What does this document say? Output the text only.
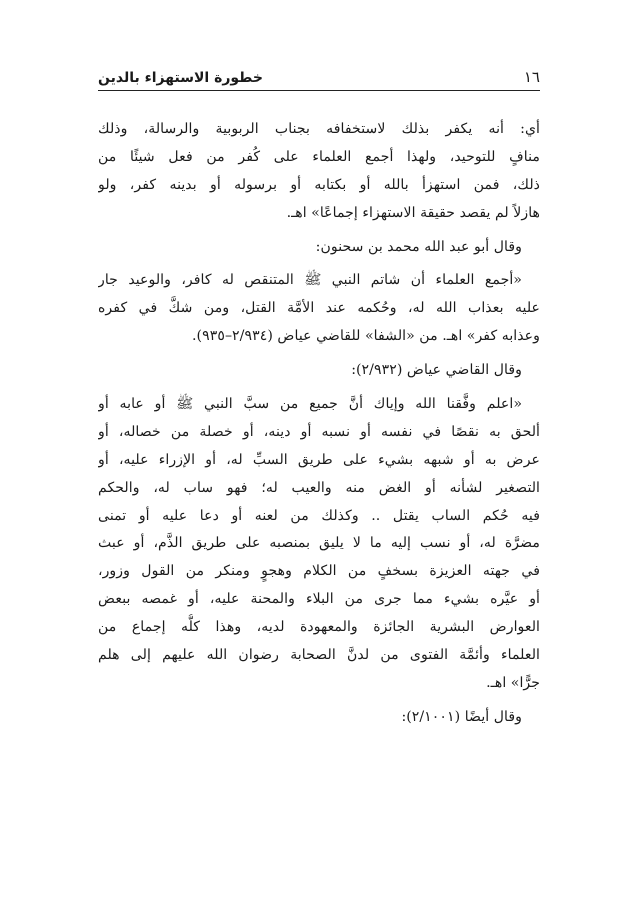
١٦
خطورة الاستهزاء بالدين
أي: أنه يكفر بذلك لاستخفافه بجناب الربوبية والرسالة، وذلك
منافٍ للتوحيد، ولهذا أجمع العلماء على كُفر من فعل شيئًا من
ذلك، فمن استهزأ بالله أو بكتابه أو برسوله أو بدينه كفر، ولو
هازلاً لم يقصد حقيقة الاستهزاء إجماعًا» اهـ.
وقال أبو عبد الله محمد بن سحنون:
«أجمع العلماء أن شاتم النبي ﷺ المتنقص له كافر، والوعيد جار
عليه بعذاب الله له، وحُكمه عند الأمَّة القتل، ومن شكَّ في كفره
وعذابه كفر» اهـ. من «الشفا» للقاضي عياض (٢/٩٣٤–٩٣٥).
وقال القاضي عياض (٢/٩٣٢):
«اعلم وفَّقنا الله وإياك أنَّ جميع من سبَّ النبي ﷺ أو عابه أو
ألحق به نقصًا في نفسه أو نسبه أو دينه، أو خصلة من خصاله، أو
عرض به أو شبهه بشيء على طريق السبِّ له، أو الإزراء عليه، أو
التصغير لشأنه أو الغض منه والعيب له؛ فهو ساب له، والحكم
فيه حُكم الساب يقتل .. وكذلك من لعنه أو دعا عليه أو تمنى
مضرَّة له، أو نسب إليه ما لا يليق بمنصبه على طريق الذَّم، أو عبث
في جهته العزيزة بسخفٍ من الكلام وهجوٍ ومنكر من القول وزور،
أو عيَّره بشيء مما جرى من البلاء والمحنة عليه، أو غمصه ببعض
العوارض البشرية الجائزة والمعهودة لديه، وهذا كلُّه إجماع من
العلماء وأئمَّة الفتوى من لدنَّ الصحابة رضوان الله عليهم إلى هلم
جرًّا» اهـ.
وقال أيضًا (٢/١٠٠١):
